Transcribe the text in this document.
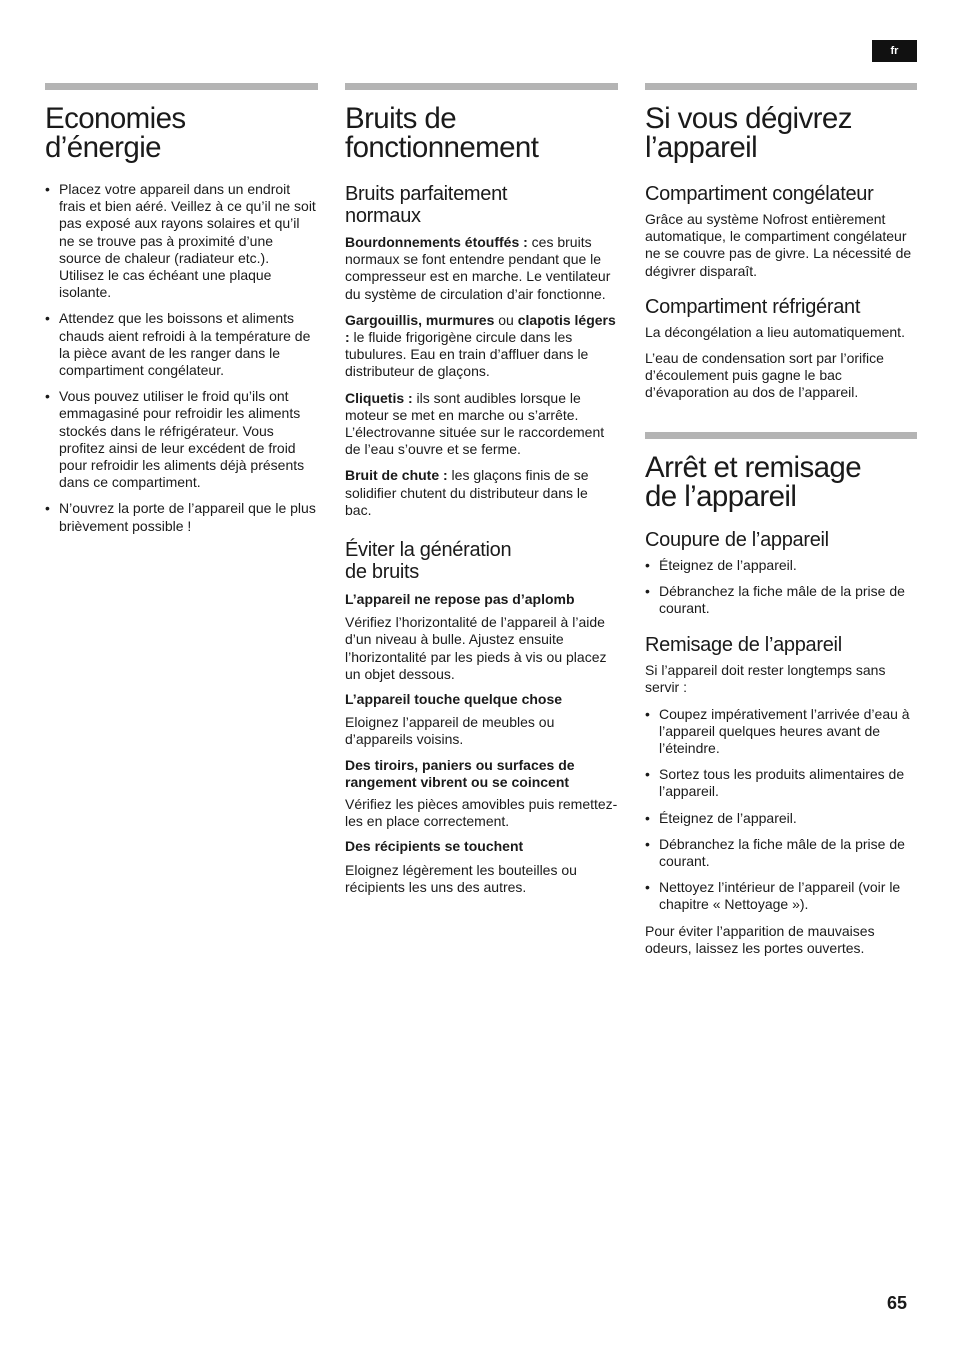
fr
Economies
d’énergie
• Placez votre appareil dans un endroit frais et bien aéré. Veillez à ce qu’il ne soit pas exposé aux rayons solaires et qu’il ne se trouve pas à proximité d’une source de chaleur (radiateur etc.). Utilisez le cas échéant une plaque isolante.
• Attendez que les boissons et aliments chauds aient refroidi à la température de la pièce avant de les ranger dans le compartiment congélateur.
• Vous pouvez utiliser le froid qu’ils ont emmagasiné pour refroidir les aliments stockés dans le réfrigérateur. Vous profitez ainsi de leur excédent de froid pour refroidir les aliments déjà présents dans ce compartiment.
• N’ouvrez la porte de l’appareil que le plus brièvement possible !
Bruits de
fonctionnement
Bruits parfaitement
normaux

Bourdonnements étouffés : ces bruits normaux se font entendre pendant que le compresseur est en marche. Le ventilateur du système de circulation d’air fonctionne.

Gargouillis, murmures ou clapotis légers : le fluide frigorigène circule dans les tubulures. Eau en train d’affluer dans le distributeur de glaçons.

Cliquetis : ils sont audibles lorsque le moteur se met en marche ou s’arrête. L’électrovanne située sur le raccordement de l’eau s’ouvre et se ferme.

Bruit de chute : les glaçons finis de se solidifier chutent du distributeur dans le bac.

Éviter la génération
de bruits
L’appareil ne repose pas d’aplomb

Vérifiez l’horizontalité de l’appareil à l’aide d’un niveau à bulle. Ajustez ensuite l’horizontalité par les pieds à vis ou placez un objet dessous.

L’appareil touche quelque chose

Eloignez l’appareil de meubles ou d’appareils voisins.

Des tiroirs, paniers ou surfaces de rangement vibrent ou se coincent

Vérifiez les pièces amovibles puis remettez-les en place correctement.

Des récipients se touchent

Eloignez légèrement les bouteilles ou récipients les uns des autres.

Si vous dégivrez
l’appareil
Compartiment congélateur

Grâce au système Nofrost entièrement automatique, le compartiment congélateur ne se couvre pas de givre. La nécessité de dégivrer disparaît.

Compartiment réfrigérant

La décongélation a lieu automatiquement.

L’eau de condensation sort par l’orifice d’écoulement puis gagne le bac d’évaporation au dos de l’appareil.

Arrêt et remisage
de l’appareil
Coupure de l’appareil
• Éteignez de l’appareil.
• Débranchez la fiche mâle de la prise de courant.
Remisage de l’appareil

Si l’appareil doit rester longtemps sans servir :

• Coupez impérativement l’arrivée d’eau à l’appareil quelques heures avant de l’éteindre.
• Sortez tous les produits alimentaires de l’appareil.
• Éteignez de l’appareil.
• Débranchez la fiche mâle de la prise de courant.
• Nettoyez l’intérieur de l’appareil (voir le chapitre « Nettoyage »).

Pour éviter l’apparition de mauvaises odeurs, laissez les portes ouvertes.

65
